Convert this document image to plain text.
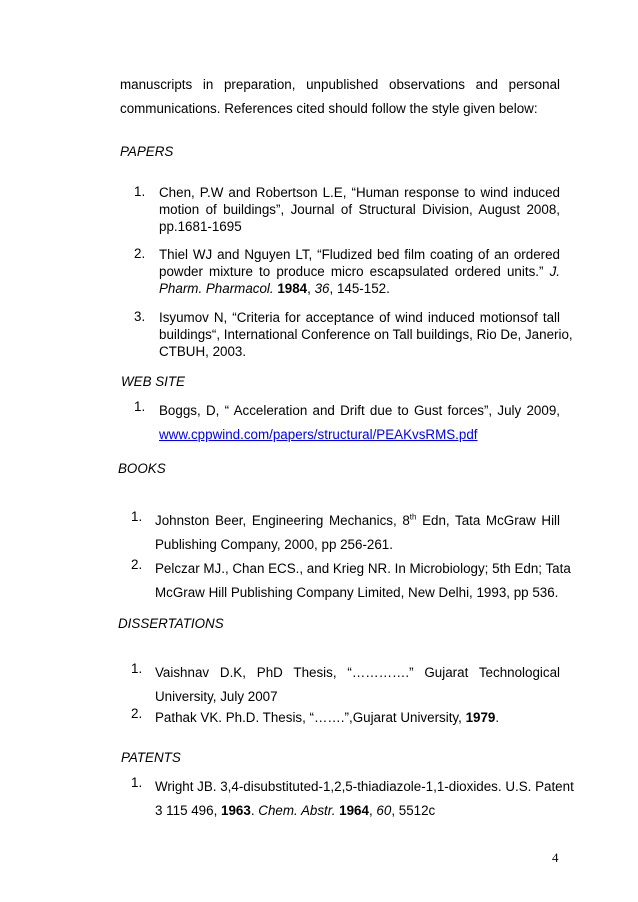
manuscripts in preparation, unpublished observations and personal
communications. References cited should follow the style given below:
PAPERS
1. Chen, P.W and Robertson L.E, “Human response to wind induced
motion of buildings”, Journal of Structural Division, August 2008,
pp.1681-1695
2. Thiel WJ and Nguyen LT, “Fludized bed film coating of an ordered
powder mixture to produce micro escapsulated ordered units.” J.
Pharm. Pharmacol. 1984, 36, 145-152.
3. Isyumov N, “Criteria for acceptance of wind induced motionsof tall
buildings“, International Conference on Tall buildings, Rio De, Janerio,
CTBUH, 2003.
WEB SITE
1. Boggs, D, “ Acceleration and Drift due to Gust forces”, July 2009,
www.cppwind.com/papers/structural/PEAKvsRMS.pdf
BOOKS
1. Johnston Beer, Engineering Mechanics, 8th Edn, Tata McGraw Hill
Publishing Company, 2000, pp 256-261.
2. Pelczar MJ., Chan ECS., and Krieg NR. In Microbiology; 5th Edn; Tata
McGraw Hill Publishing Company Limited, New Delhi, 1993, pp 536.
DISSERTATIONS
1. Vaishnav D.K, PhD Thesis, “………….” Gujarat Technological
University, July 2007
2. Pathak VK. Ph.D. Thesis, “…….”,Gujarat University, 1979.
PATENTS
1. Wright JB. 3,4-disubstituted-1,2,5-thiadiazole-1,1-dioxides. U.S. Patent
3 115 496, 1963. Chem. Abstr. 1964, 60, 5512c
4
